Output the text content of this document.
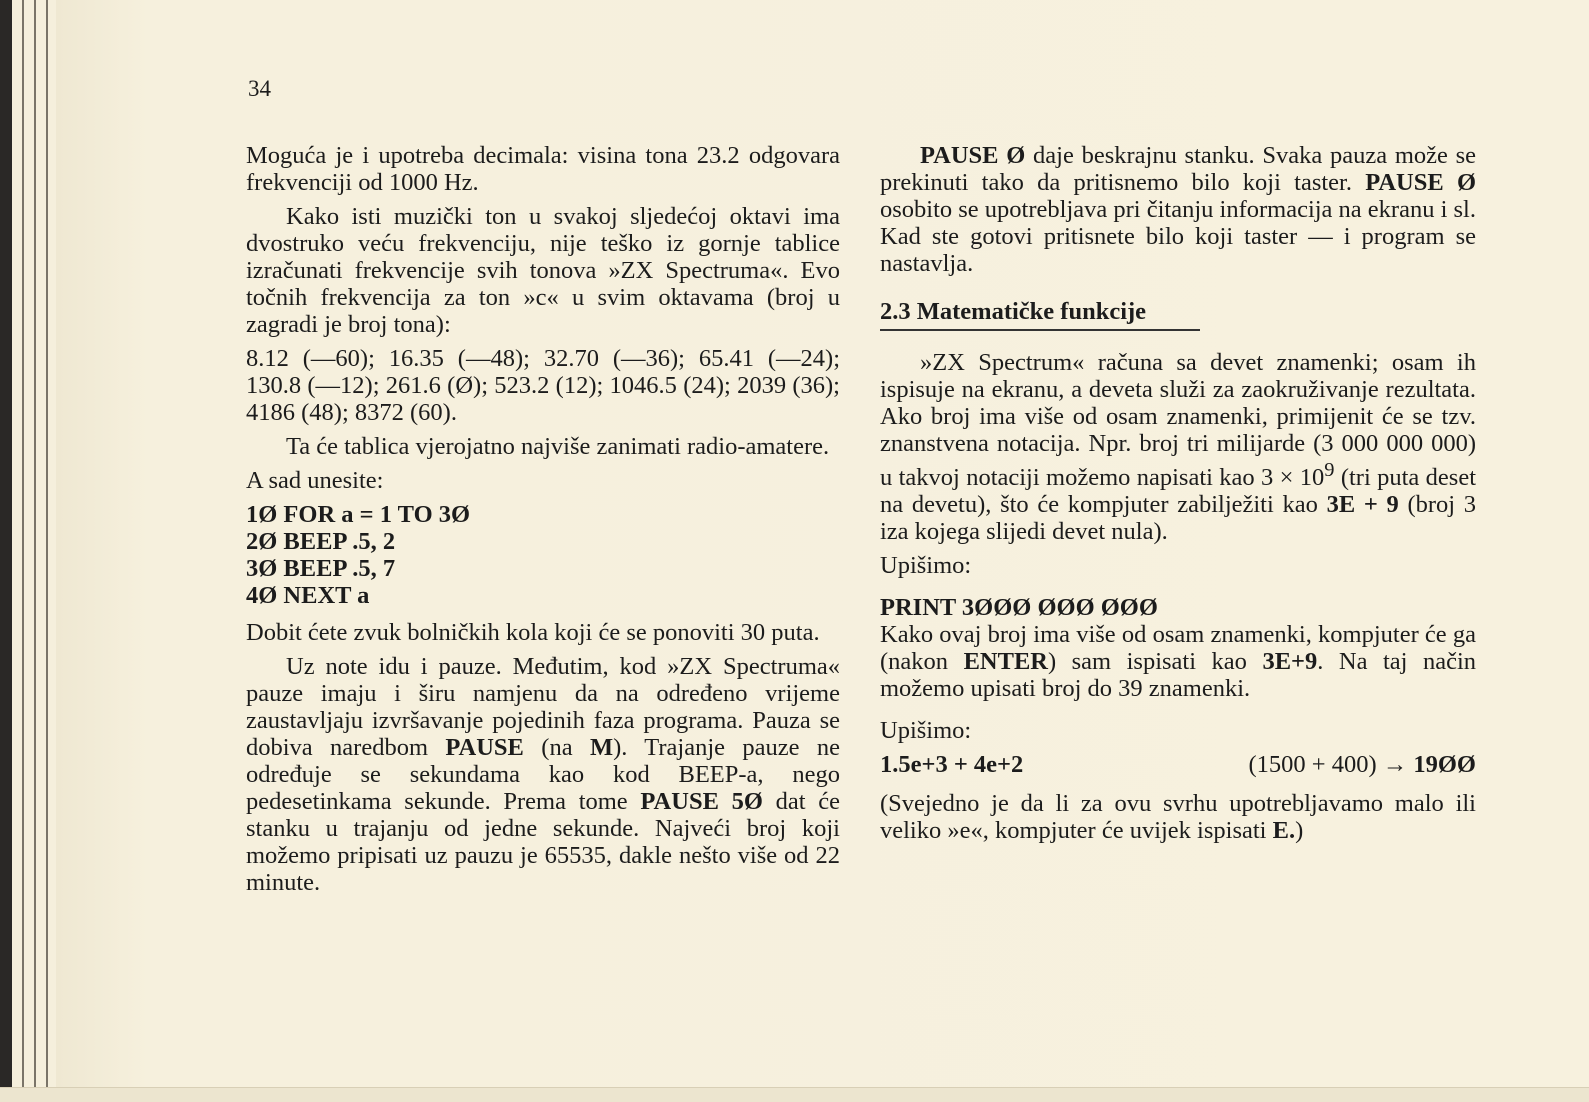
34

Moguća je i upotreba decimala: visina tona 23.2 odgovara frekvenciji od 1000 Hz.

Kako isti muzički ton u svakoj sljedećoj oktavi ima dvostruko veću frekvenciju, nije teško iz gornje tablice izračunati frekvencije svih tonova »ZX Spectruma«. Evo točnih frekvencija za ton »c« u svim oktavama (broj u zagradi je broj tona):

8.12 (—60); 16.35 (—48); 32.70 (—36); 65.41 (—24); 130.8 (—12); 261.6 (Ø); 523.2 (12); 1046.5 (24); 2039 (36); 4186 (48); 8372 (60).

Ta će tablica vjerojatno najviše zanimati radio-amatere.

A sad unesite:

1Ø FOR a = 1 TO 3Ø
2Ø BEEP .5, 2
3Ø BEEP .5, 7
4Ø NEXT a

Dobit ćete zvuk bolničkih kola koji će se ponoviti 30 puta.

Uz note idu i pauze. Međutim, kod »ZX Spectruma« pauze imaju i širu namjenu da na određeno vrijeme zaustavljaju izvršavanje pojedinih faza programa. Pauza se dobiva naredbom PAUSE (na M). Trajanje pauze ne određuje se sekundama kao kod BEEP-a, nego pedesetinkama sekunde. Prema tome PAUSE 5Ø dat će stanku u trajanju od jedne sekunde. Najveći broj koji možemo pripisati uz pauzu je 65535, dakle nešto više od 22 minute.

PAUSE Ø daje beskrajnu stanku. Svaka pauza može se prekinuti tako da pritisnemo bilo koji taster. PAUSE Ø osobito se upotrebljava pri čitanju informacija na ekranu i sl. Kad ste gotovi pritisnete bilo koji taster — i program se nastavlja.

2.3 Matematičke funkcije

»ZX Spectrum« računa sa devet znamenki; osam ih ispisuje na ekranu, a deveta služi za zaokruživanje rezultata. Ako broj ima više od osam znamenki, primijenit će se tzv. znanstvena notacija. Npr. broj tri milijarde (3 000 000 000) u takvoj notaciji možemo napisati kao $3 \times 10^9$ (tri puta deset na devetu), što će kompjuter zabilježiti kao 3E + 9 (broj 3 iza kojega slijedi devet nula).

Upišimo:

PRINT 3ØØØ ØØØ ØØØ

Kako ovaj broj ima više od osam znamenki, kompjuter će ga (nakon ENTER) sam ispisati kao 3E+9. Na taj način možemo upisati broj do 39 znamenki.

Upišimo:

1.5e+3 + 4e+2	(1500 + 400) → 19ØØ

(Svejedno je da li za ovu svrhu upotrebljavamo malo ili veliko »e«, kompjuter će uvijek ispisati E.)
